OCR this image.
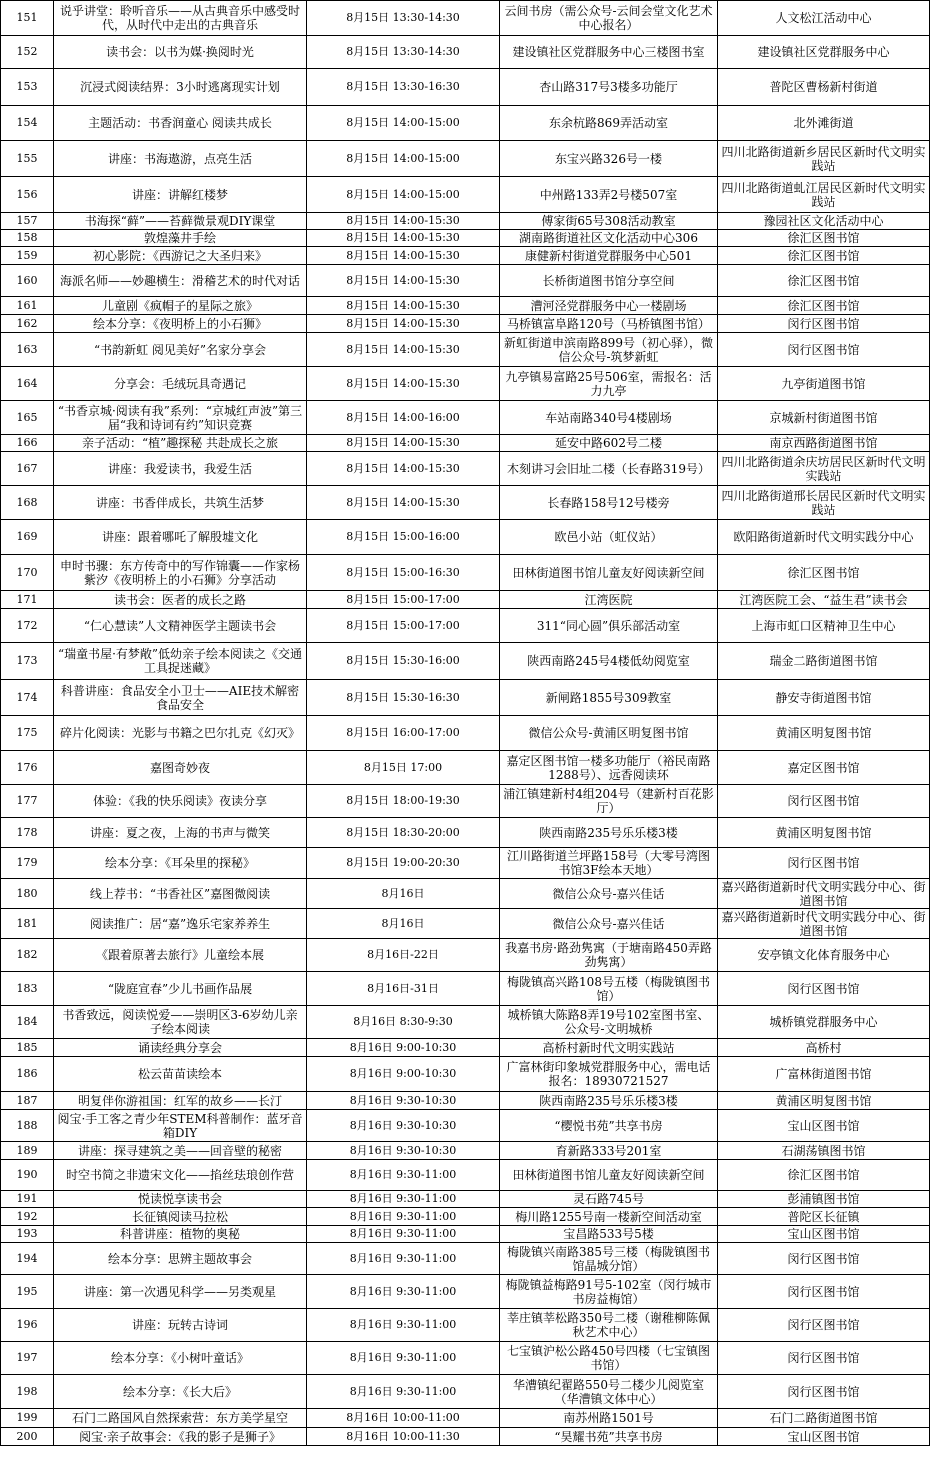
151	说乎讲堂：聆听音乐——从古典音乐中感受时代，从时代中走出的古典音乐	8月15日 13:30-14:30	云间书房（需公众号-云间会堂文化艺术中心报名）	人文松江活动中心
152	读书会：以书为媒·换阅时光	8月15日 13:30-14:30	建设镇社区党群服务中心三楼图书室	建设镇社区党群服务中心
153	沉浸式阅读结界：3小时逃离现实计划	8月15日 13:30-16:30	杏山路317号3楼多功能厅	普陀区曹杨新村街道
154	主题活动：书香润童心 阅读共成长	8月15日 14:00-15:00	东余杭路869弄活动室	北外滩街道
155	讲座：书海遨游，点亮生活	8月15日 14:00-15:00	东宝兴路326号一楼	四川北路街道新乡居民区新时代文明实践站
156	讲座：讲解红楼梦	8月15日 14:00-15:00	中州路133弄2号楼507室	四川北路街道虬江居民区新时代文明实践站
157	书海探“藓”——苔藓微景观DIY课堂	8月15日 14:00-15:30	傅家街65号308活动教室	豫园社区文化活动中心
158	敦煌藻井手绘	8月15日 14:00-15:30	湖南路街道社区文化活动中心306	徐汇区图书馆
159	初心影院：《西游记之大圣归来》	8月15日 14:00-15:30	康健新村街道党群服务中心501	徐汇区图书馆
160	海派名师——妙趣横生：滑稽艺术的时代对话	8月15日 14:00-15:30	长桥街道图书馆分享空间	徐汇区图书馆
161	儿童剧《疯帽子的星际之旅》	8月15日 14:00-15:30	漕河泾党群服务中心一楼剧场	徐汇区图书馆
162	绘本分享：《夜明桥上的小石狮》	8月15日 14:00-15:30	马桥镇富阜路120号（马桥镇图书馆）	闵行区图书馆
163	“书韵新虹 阅见美好”名家分享会	8月15日 14:00-15:30	新虹街道申滨南路899号（初心驿），微信公众号-筑梦新虹	闵行区图书馆
164	分享会：毛绒玩具奇遇记	8月15日 14:00-15:30	九亭镇易富路25号506室，需报名：活力九亭	九亭街道图书馆
165	“书香京城·阅读有我”系列：“京城红声波”第三届“我和诗词有约”知识竞赛	8月15日 14:00-16:00	车站南路340号4楼剧场	京城新村街道图书馆
166	亲子活动：“植”趣探秘 共赴成长之旅	8月15日 14:00-15:30	延安中路602号二楼	南京西路街道图书馆
167	讲座：我爱读书，我爱生活	8月15日 14:00-15:30	木刻讲习会旧址二楼（长春路319号）	四川北路街道余庆坊居民区新时代文明实践站
168	讲座：书香伴成长，共筑生活梦	8月15日 14:00-15:30	长春路158号12号楼旁	四川北路街道邢长居民区新时代文明实践站
169	讲座：跟着哪吒了解殷墟文化	8月15日 15:00-16:00	欧邑小站（虹仪站）	欧阳路街道新时代文明实践分中心
170	申时书骤：东方传奇中的写作锦囊——作家杨紫汐《夜明桥上的小石狮》分享活动	8月15日 15:00-16:30	田林街道图书馆儿童友好阅读新空间	徐汇区图书馆
171	读书会：医者的成长之路	8月15日 15:00-17:00	江湾医院	江湾医院工会、“益生君”读书会
172	“仁心慧读”人文精神医学主题读书会	8月15日 15:00-17:00	311“同心圆”俱乐部活动室	上海市虹口区精神卫生中心
173	“瑞童书屋·有梦敞”低幼亲子绘本阅读之《交通工具捉迷藏》	8月15日 15:30-16:00	陕西南路245号4楼低幼阅览室	瑞金二路街道图书馆
174	科普讲座：食品安全小卫士——AIE技术解密食品安全	8月15日 15:30-16:30	新闸路1855号309教室	静安寺街道图书馆
175	碎片化阅读：光影与书籍之巴尔扎克《幻灭》	8月15日 16:00-17:00	微信公众号-黄浦区明复图书馆	黄浦区明复图书馆
176	嘉图奇妙夜	8月15日 17:00	嘉定区图书馆一楼多功能厅（裕民南路1288号）、远香阅读环	嘉定区图书馆
177	体验：《我的快乐阅读》夜读分享	8月15日 18:00-19:30	浦江镇建新村4组204号（建新村百花影厅）	闵行区图书馆
178	讲座：夏之夜，上海的书声与微笑	8月15日 18:30-20:00	陕西南路235号乐乐楼3楼	黄浦区明复图书馆
179	绘本分享：《耳朵里的探秘》	8月15日 19:00-20:30	江川路街道兰坪路158号（大零号湾图书馆3F绘本天地）	闵行区图书馆
180	线上荐书：“书香社区”嘉图微阅读	8月16日	微信公众号-嘉兴佳话	嘉兴路街道新时代文明实践分中心、街道图书馆
181	阅读推广：居“嘉”逸乐宅家养养生	8月16日	微信公众号-嘉兴佳话	嘉兴路街道新时代文明实践分中心、街道图书馆
182	《跟着原著去旅行》儿童绘本展	8月16日-22日	我嘉书房·路劲隽寓（于塘南路450弄路劲隽寓）	安亭镇文化体育服务中心
183	“陇庭宣春”少儿书画作品展	8月16日-31日	梅陇镇高兴路108号五楼（梅陇镇图书馆）	闵行区图书馆
184	书香致远，阅读悦爱——崇明区3-6岁幼儿亲子绘本阅读	8月16日 8:30-9:30	城桥镇大陈路8弄19号102室图书室、公众号-文明城桥	城桥镇党群服务中心
185	诵读经典分享会	8月16日 9:00-10:30	高桥村新时代文明实践站	高桥村
186	松云苗苗读绘本	8月16日 9:00-10:30	广富林街印象城党群服务中心，需电话报名：18930721527	广富林街道图书馆
187	明复伴你游祖国：红军的故乡——长汀	8月16日 9:30-10:30	陕西南路235号乐乐楼3楼	黄浦区明复图书馆
188	阅宝·手工客之青少年STEM科普制作：蓝牙音箱DIY	8月16日 9:30-10:30	“樱悦书苑”共享书房	宝山区图书馆
189	讲座：探寻建筑之美——回音壁的秘密	8月16日 9:30-10:30	育新路333号201室	石湖荡镇图书馆
190	时空书简之非遗宋文化——掐丝珐琅创作营	8月16日 9:30-11:00	田林街道图书馆儿童友好阅读新空间	徐汇区图书馆
191	悦读悦享读书会	8月16日 9:30-11:00	灵石路745号	彭浦镇图书馆
192	长征镇阅读马拉松	8月16日 9:30-11:00	梅川路1255号南一楼新空间活动室	普陀区长征镇
193	科普讲座：植物的奥秘	8月16日 9:30-11:00	宝昌路533号5楼	宝山区图书馆
194	绘本分享：思辨主题故事会	8月16日 9:30-11:00	梅陇镇兴南路385号三楼（梅陇镇图书馆晶城分馆）	闵行区图书馆
195	讲座：第一次遇见科学——另类观星	8月16日 9:30-11:00	梅陇镇益梅路91号5-102室（闵行城市书房益梅馆）	闵行区图书馆
196	讲座：玩转古诗词	8月16日 9:30-11:00	莘庄镇莘松路350号二楼（谢稚柳陈佩秋艺术中心）	闵行区图书馆
197	绘本分享：《小树叶童话》	8月16日 9:30-11:00	七宝镇沪松公路450号四楼（七宝镇图书馆）	闵行区图书馆
198	绘本分享：《长大后》	8月16日 9:30-11:00	华漕镇纪翟路550号二楼少儿阅览室（华漕镇文体中心）	闵行区图书馆
199	石门二路国风自然探索营：东方美学星空	8月16日 10:00-11:00	南苏州路1501号	石门二路街道图书馆
200	阅宝·亲子故事会：《我的影子是狮子》	8月16日 10:00-11:30	“昊耀书苑”共享书房	宝山区图书馆
